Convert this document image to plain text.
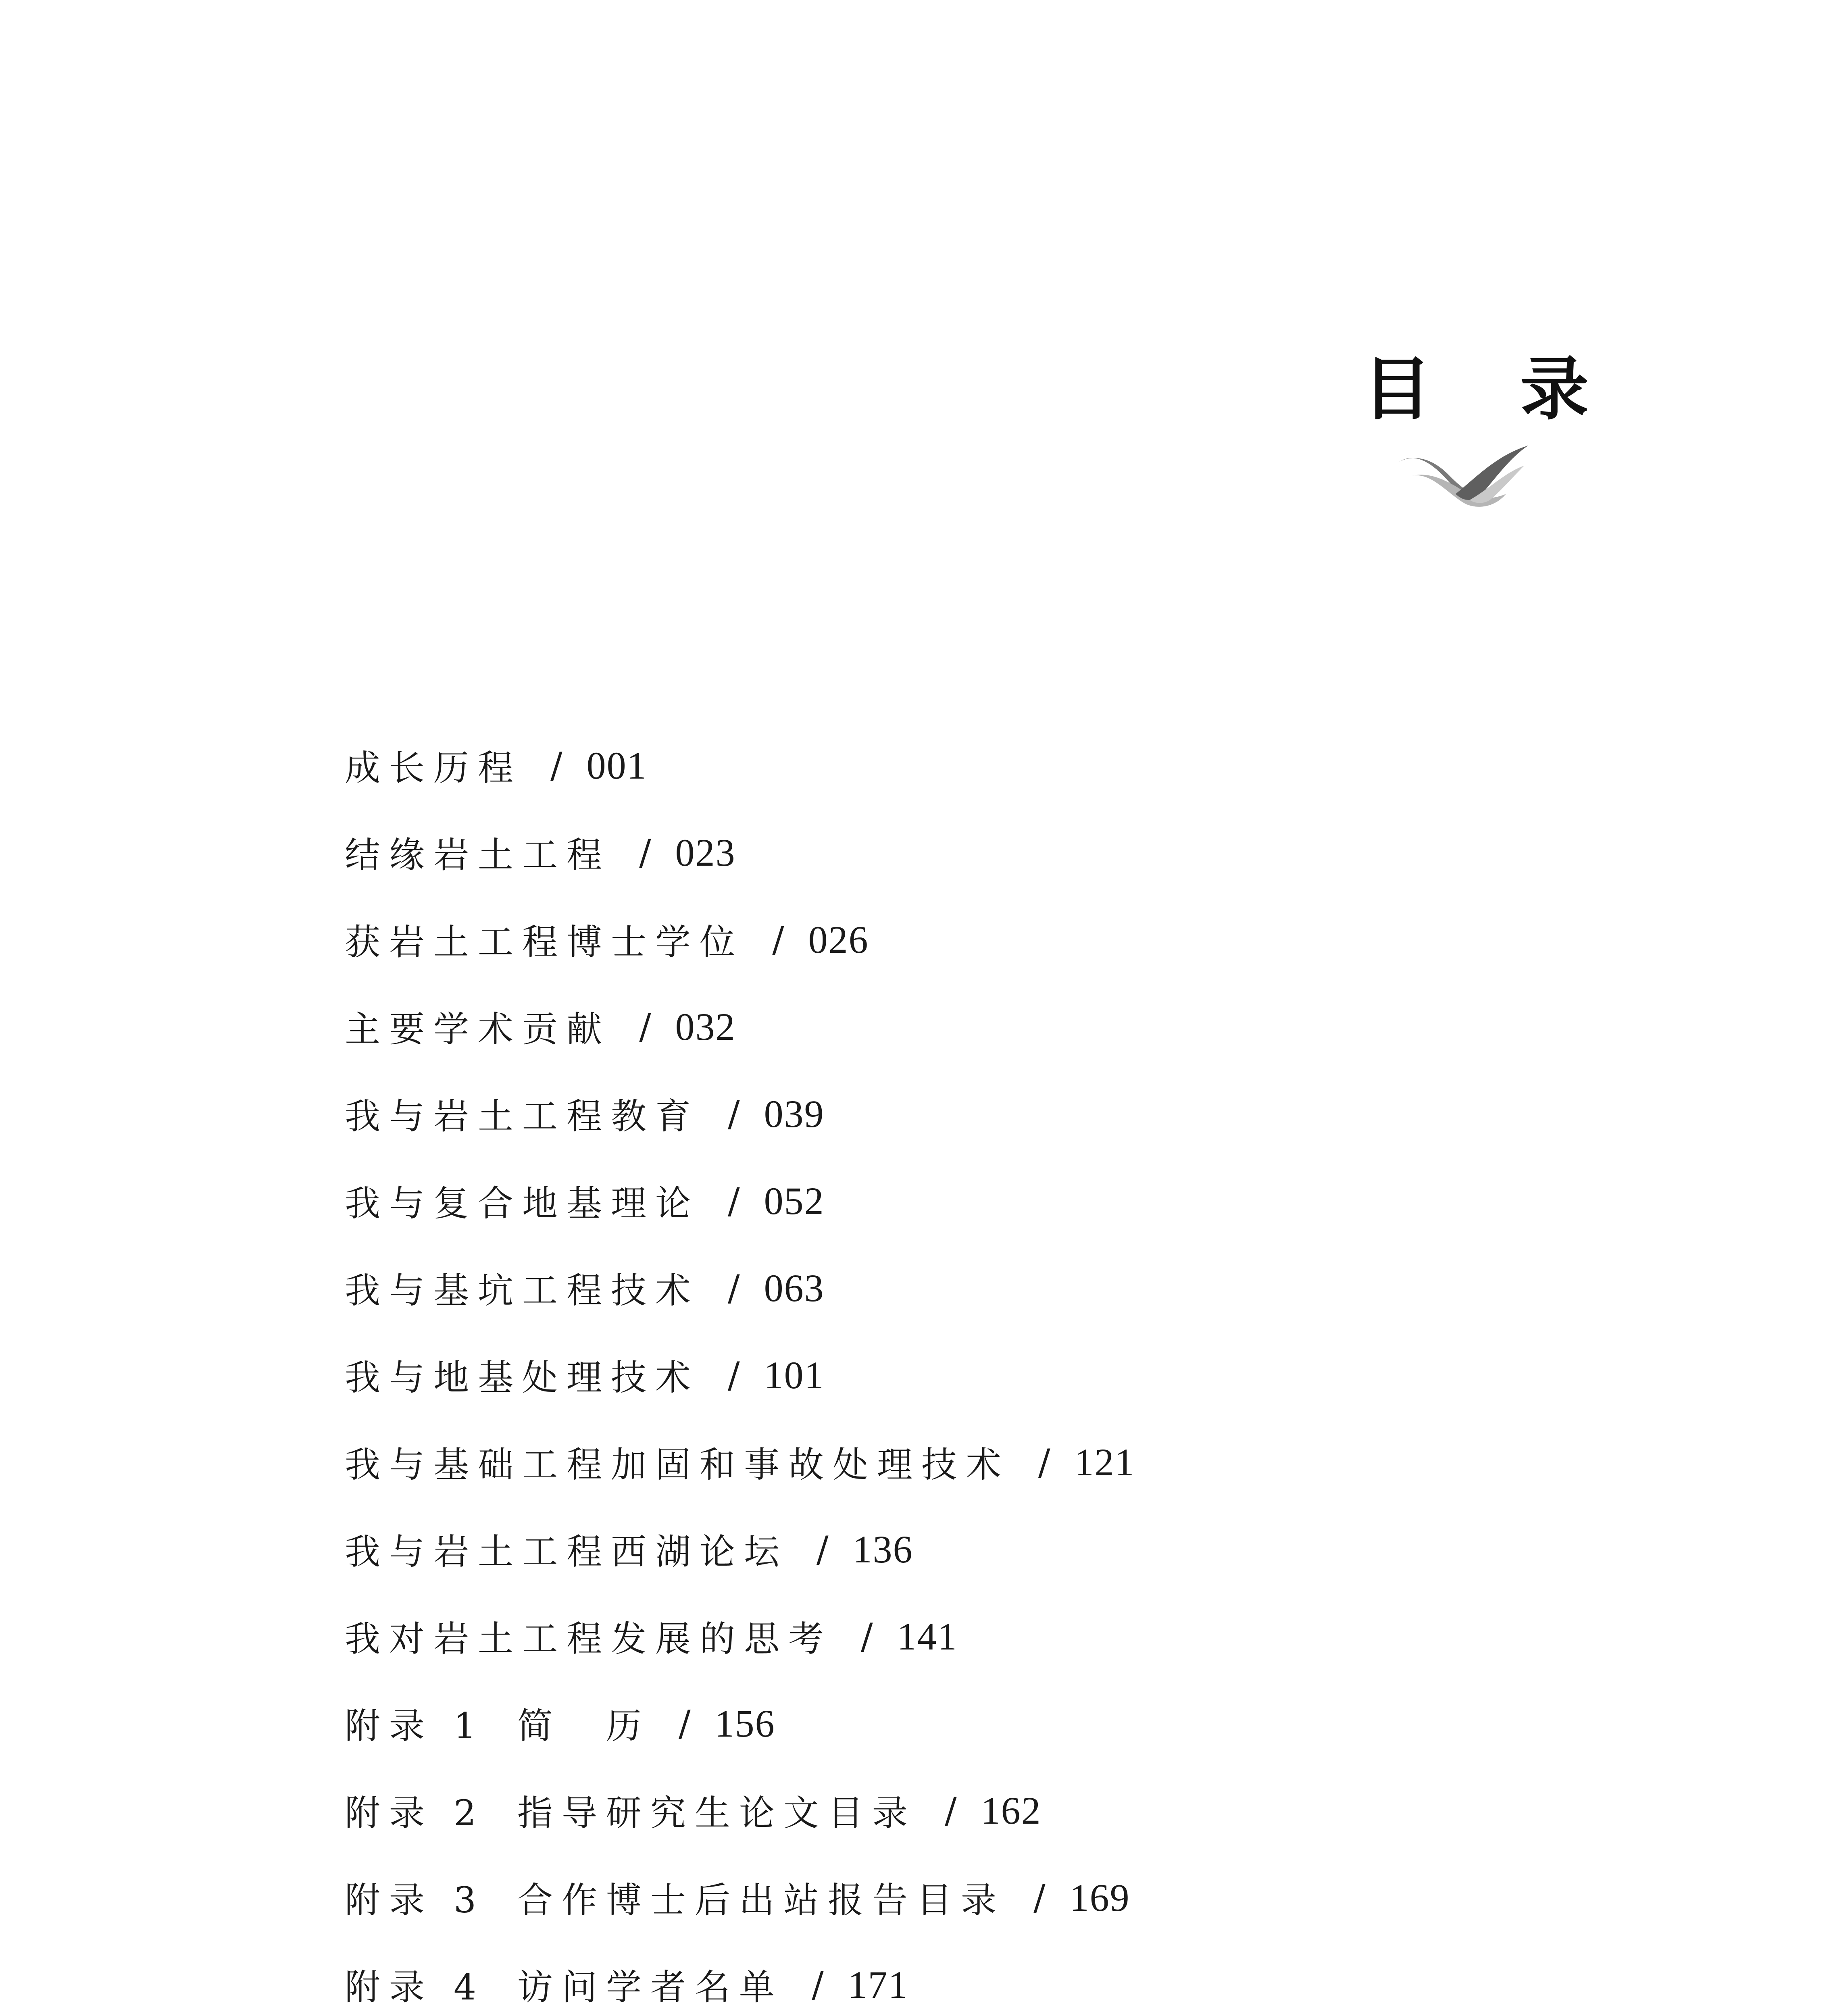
目 录
成长历程 / 001
结缘岩土工程 / 023
获岩土工程博士学位 / 026
主要学术贡献 / 032
我与岩土工程教育 / 039
我与复合地基理论 / 052
我与基坑工程技术 / 063
我与地基处理技术 / 101
我与基础工程加固和事故处理技术 / 121
我与岩土工程西湖论坛 / 136
我对岩土工程发展的思考 / 141
附录 1 简　历 / 156
附录 2 指导研究生论文目录 / 162
附录 3 合作博士后出站报告目录 / 169
附录 4 访问学者名单 / 171
